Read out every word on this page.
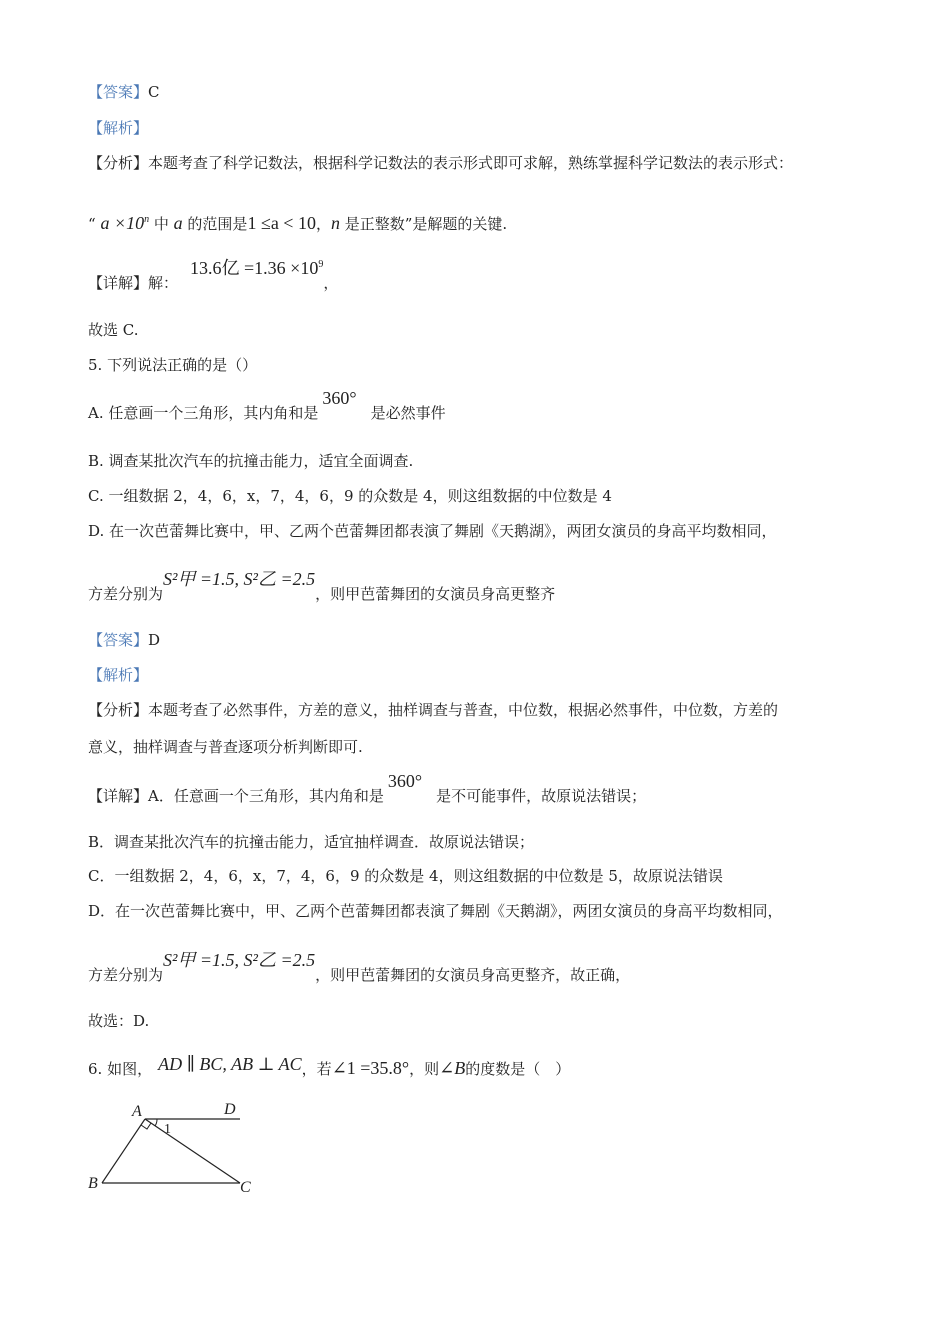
【答案】C
【解析】
【分析】本题考查了科学记数法，根据科学记数法的表示形式即可求解，熟练掌握科学记数法的表示形式：
“ $a \times 10^n$ 中 a 的范围是1 ≤a < 10，n 是正整数”是解题的关键.
【详解】解：13.6亿 $=1.36 \times 10^9$，
故选 C.
5. 下列说法正确的是（）
A. 任意画一个三角形，其内角和是360°是必然事件
B. 调查某批次汽车的抗撞击能力，适宜全面调查.
C. 一组数据 2，4，6，x，7，4，6，9 的众数是 4，则这组数据的中位数是 4
D. 在一次芭蕾舞比赛中，甲、乙两个芭蕾舞团都表演了舞剧《天鹅湖》，两团女演员的身高平均数相同，
方差分别为S²甲 =1.5, S²乙 =2.5，则甲芭蕾舞团的女演员身高更整齐
【答案】D
【解析】
【分析】本题考查了必然事件，方差的意义，抽样调查与普查，中位数，根据必然事件，中位数，方差的
意义，抽样调查与普查逐项分析判断即可.
【详解】A．任意画一个三角形，其内角和是360°是不可能事件，故原说法错误；
B．调查某批次汽车的抗撞击能力，适宜抽样调查．故原说法错误；
C．一组数据 2，4，6，x，7，4，6，9 的众数是 4，则这组数据的中位数是 5，故原说法错误
D．在一次芭蕾舞比赛中，甲、乙两个芭蕾舞团都表演了舞剧《天鹅湖》，两团女演员的身高平均数相同，
方差分别为S²甲 =1.5, S²乙 =2.5，则甲芭蕾舞团的女演员身高更整齐，故正确，
故选：D.
6. 如图， AD ∥ BC, AB ⊥ AC，若∠1 =35.8°，则∠B的度数是（　）
A	D
B	C
1
